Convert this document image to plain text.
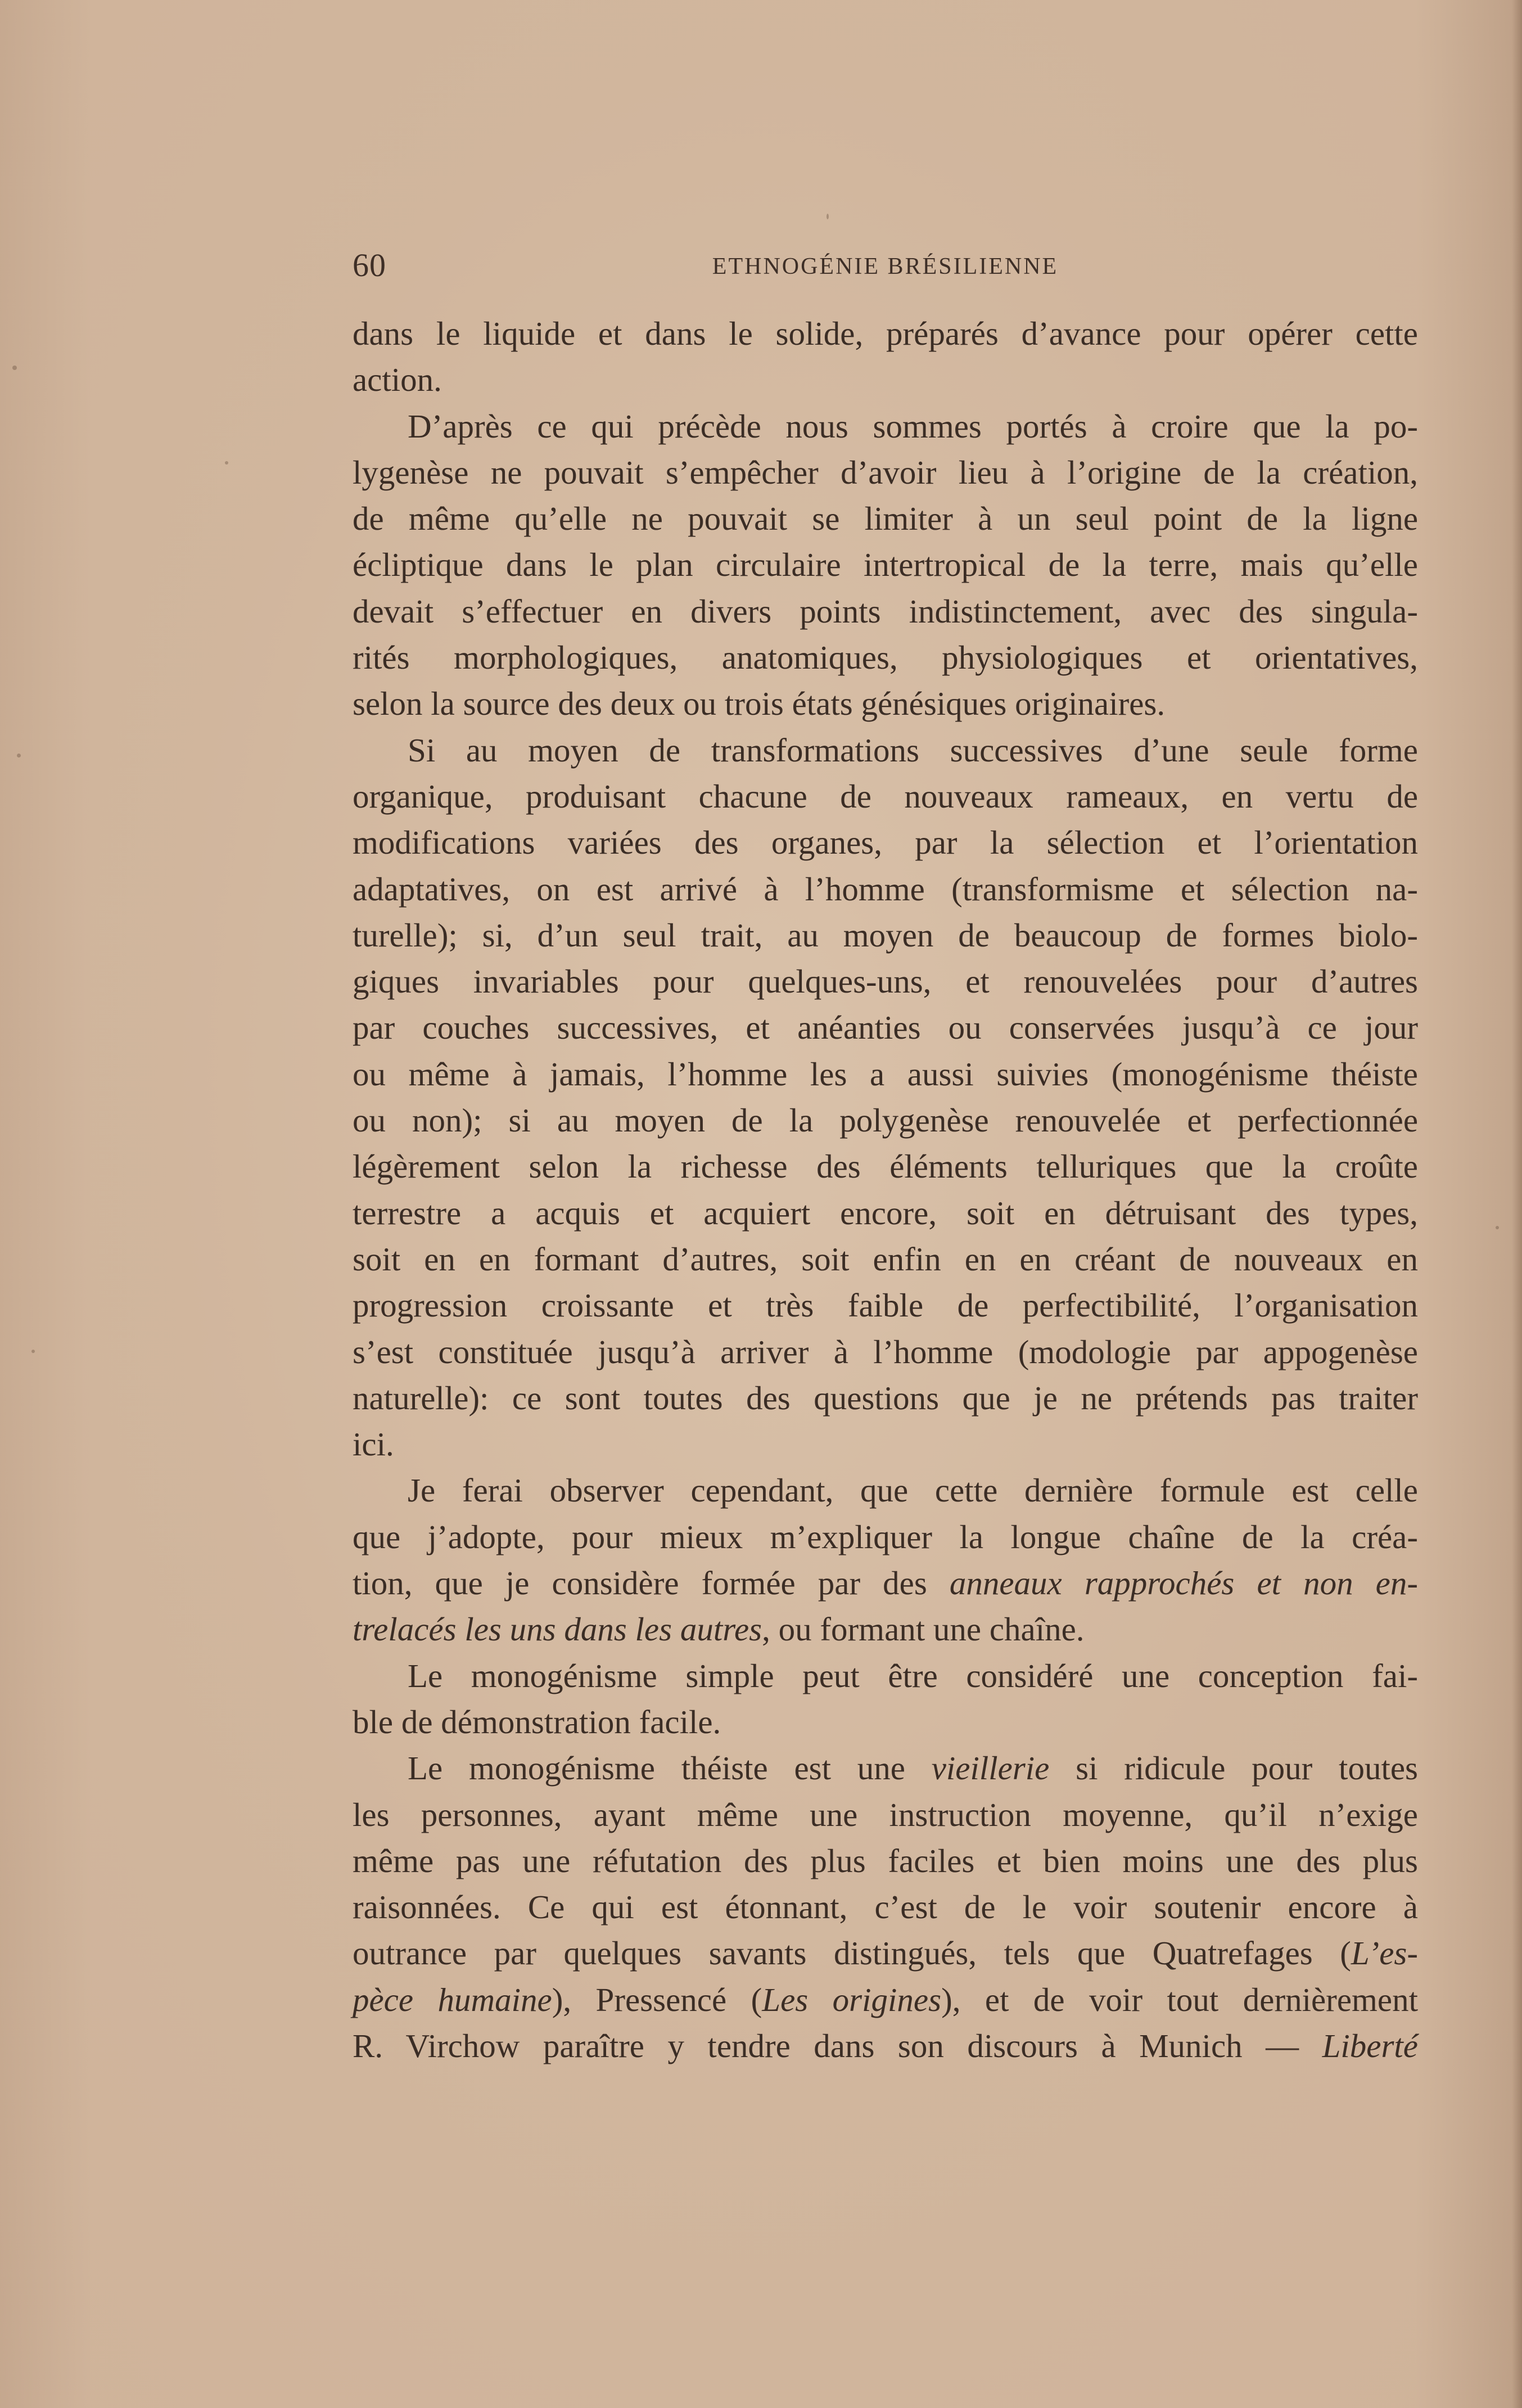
60	ETHNOGÉNIE BRÉSILIENNE
dans le liquide et dans le solide, préparés d’avance pour opérer cette
action.
D’après ce qui précède nous sommes portés à croire que la po-
lygenèse ne pouvait s’empêcher d’avoir lieu à l’origine de la création,
de même qu’elle ne pouvait se limiter à un seul point de la ligne
écliptique dans le plan circulaire intertropical de la terre, mais qu’elle
devait s’effectuer en divers points indistinctement, avec des singula-
rités morphologiques, anatomiques, physiologiques et orientatives,
selon la source des deux ou trois états génésiques originaires.
Si au moyen de transformations successives d’une seule forme
organique, produisant chacune de nouveaux rameaux, en vertu de
modifications variées des organes, par la sélection et l’orientation
adaptatives, on est arrivé à l’homme (transformisme et sélection na-
turelle); si, d’un seul trait, au moyen de beaucoup de formes biolo-
giques invariables pour quelques-uns, et renouvelées pour d’autres
par couches successives, et anéanties ou conservées jusqu’à ce jour
ou même à jamais, l’homme les a aussi suivies (monogénisme théiste
ou non); si au moyen de la polygenèse renouvelée et perfectionnée
légèrement selon la richesse des éléments telluriques que la croûte
terrestre a acquis et acquiert encore, soit en détruisant des types,
soit en en formant d’autres, soit enfin en en créant de nouveaux en
progression croissante et très faible de perfectibilité, l’organisation
s’est constituée jusqu’à arriver à l’homme (modologie par appogenèse
naturelle): ce sont toutes des questions que je ne prétends pas traiter
ici.
Je ferai observer cependant, que cette dernière formule est celle
que j’adopte, pour mieux m’expliquer la longue chaîne de la créa-
tion, que je considère formée par des anneaux rapprochés et non en-
trelacés les uns dans les autres, ou formant une chaîne.
Le monogénisme simple peut être considéré une conception fai-
ble de démonstration facile.
Le monogénisme théiste est une vieillerie si ridicule pour toutes
les personnes, ayant même une instruction moyenne, qu’il n’exige
même pas une réfutation des plus faciles et bien moins une des plus
raisonnées. Ce qui est étonnant, c’est de le voir soutenir encore à
outrance par quelques savants distingués, tels que Quatrefages (L’es-
pèce humaine), Pressencé (Les origines), et de voir tout dernièrement
R. Virchow paraître y tendre dans son discours à Munich — Liberté
